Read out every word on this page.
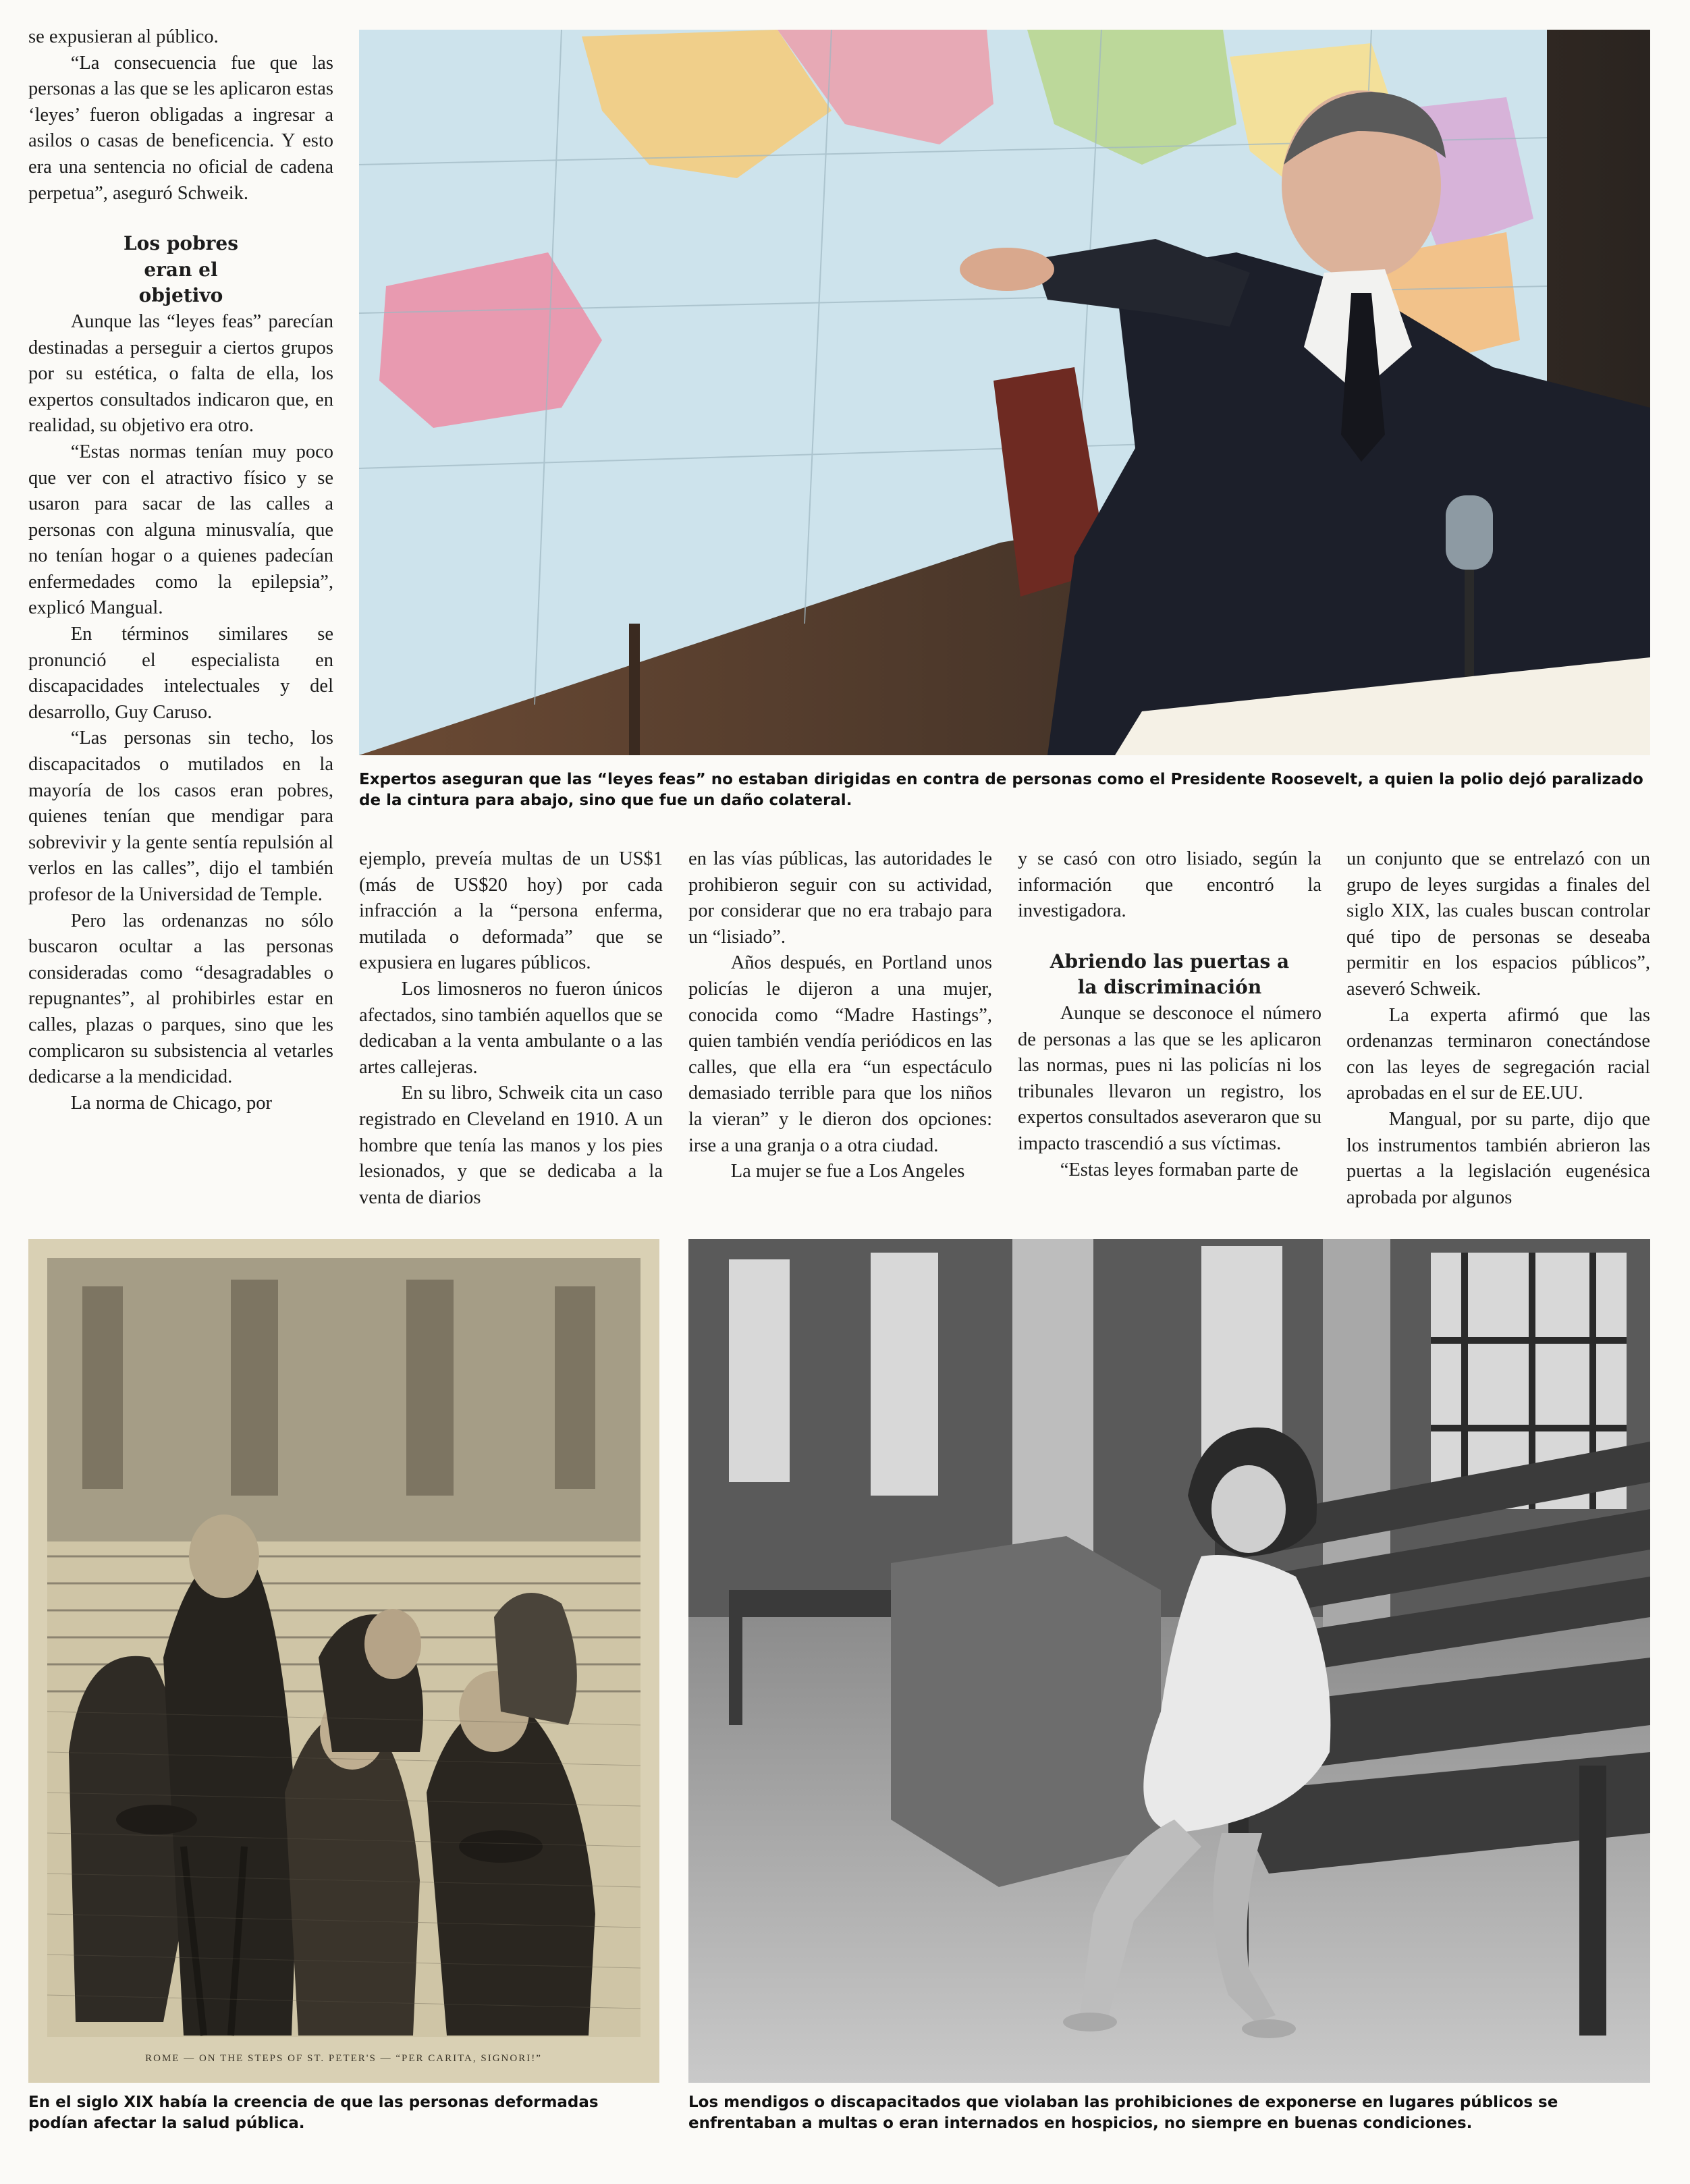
se expusieran al público.

“La consecuencia fue que las personas a las que se les aplicaron estas ‘leyes’ fueron obligadas a ingresar a asilos o casas de beneficencia. Y esto era una sentencia no oficial de cadena perpetua”, aseguró Schweik.

Los pobres eran el objetivo

Aunque las “leyes feas” parecían destinadas a perseguir a ciertos grupos por su estética, o falta de ella, los expertos consultados indicaron que, en realidad, su objetivo era otro.

“Estas normas tenían muy poco que ver con el atractivo físico y se usaron para sacar de las calles a personas con alguna minusvalía, que no tenían hogar o a quienes padecían enfermedades como la epilepsia”, explicó Mangual.

En términos similares se pronunció el especialista en discapacidades intelectuales y del desarrollo, Guy Caruso.

“Las personas sin techo, los discapacitados o mutilados en la mayoría de los casos eran pobres, quienes tenían que mendigar para sobrevivir y la gente sentía repulsión al verlos en las calles”, dijo el también profesor de la Universidad de Temple.

Pero las ordenanzas no sólo buscaron ocultar a las personas consideradas como “desagradables o repugnantes”, al prohibirles estar en calles, plazas o parques, sino que les complicaron su subsistencia al vetarles dedicarse a la mendicidad.

La norma de Chicago, por

Expertos aseguran que las “leyes feas” no estaban dirigidas en contra de personas como el Presidente Roosevelt, a quien la polio dejó paralizado de la cintura para abajo, sino que fue un daño colateral.

ejemplo, preveía multas de un US$1 (más de US$20 hoy) por cada infracción a la “persona enferma, mutilada o deformada” que se expusiera en lugares públicos.

Los limosneros no fueron únicos afectados, sino también aquellos que se dedicaban a la venta ambulante o a las artes callejeras.

En su libro, Schweik cita un caso registrado en Cleveland en 1910. A un hombre que tenía las manos y los pies lesionados, y que se dedicaba a la venta de diarios

en las vías públicas, las autoridades le prohibieron seguir con su actividad, por considerar que no era trabajo para un “lisiado”.

Años después, en Portland unos policías le dijeron a una mujer, conocida como “Madre Hastings”, quien también vendía periódicos en las calles, que ella era “un espectáculo demasiado terrible para que los niños la vieran” y le dieron dos opciones: irse a una granja o a otra ciudad.

La mujer se fue a Los Angeles

y se casó con otro lisiado, según la información que encontró la investigadora.

Abriendo las puertas a la discriminación

Aunque se desconoce el número de personas a las que se les aplicaron las normas, pues ni las policías ni los tribunales llevaron un registro, los expertos consultados aseveraron que su impacto trascendió a sus víctimas.

“Estas leyes formaban parte de

un conjunto que se entrelazó con un grupo de leyes surgidas a finales del siglo XIX, las cuales buscan controlar qué tipo de personas se deseaba permitir en los espacios públicos”, aseveró Schweik.

La experta afirmó que las ordenanzas terminaron conectándose con las leyes de segregación racial aprobadas en el sur de EE.UU.

Mangual, por su parte, dijo que los instrumentos también abrieron las puertas a la legislación eugenésica aprobada por algunos

ROME — ON THE STEPS OF ST. PETER'S — “PER CARITA, SIGNORI!”
En el siglo XIX había la creencia de que las personas deformadas podían afectar la salud pública.
Los mendigos o discapacitados que violaban las prohibiciones de exponerse en lugares públicos se enfrentaban a multas o eran internados en hospicios, no siempre en buenas condiciones.
